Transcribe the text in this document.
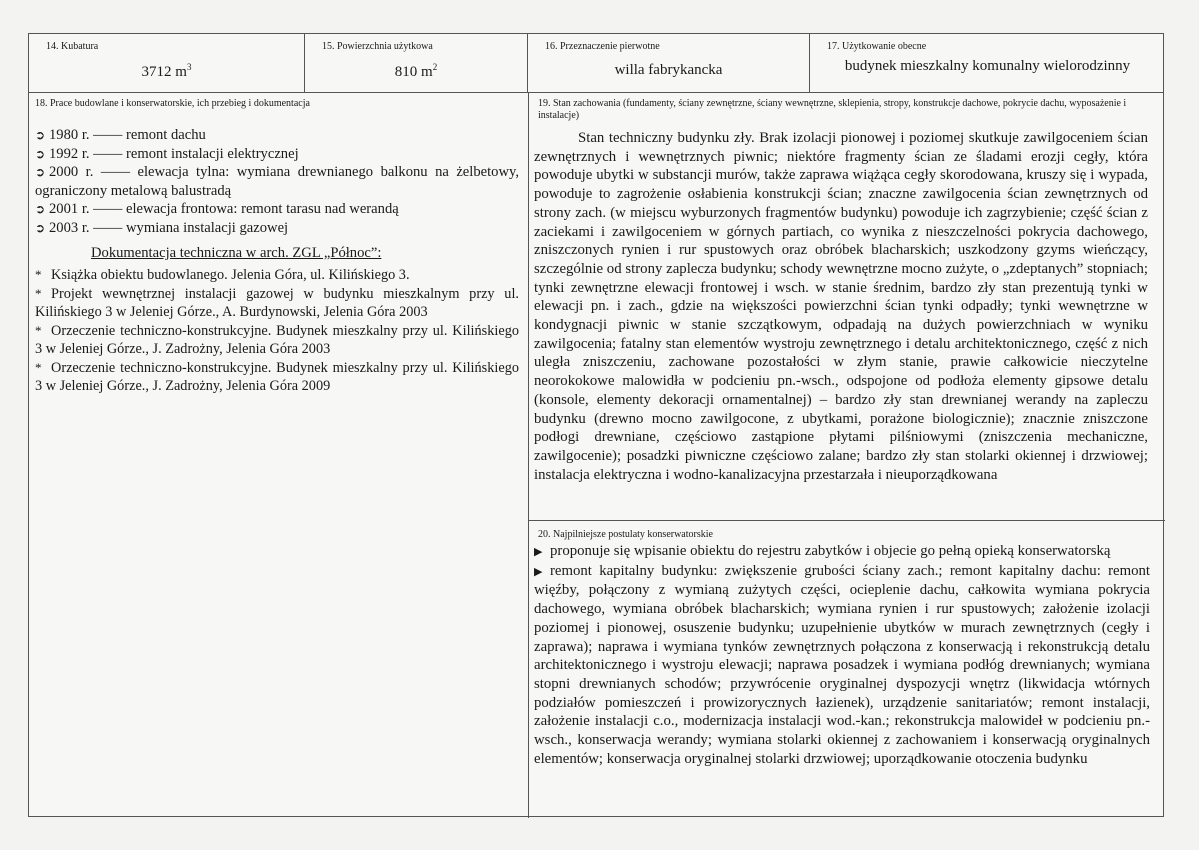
14. Kubatura
3712 $m^3$
15. Powierzchnia użytkowa
810 $m^2$
16. Przeznaczenie pierwotne
willa fabrykancka
17. Użytkowanie obecne
budynek mieszkalny komunalny wielorodzinny
18. Prace budowlane i konserwatorskie, ich przebieg i dokumentacja
➲ 1980 r. —— remont dachu
➲ 1992 r. —— remont instalacji elektrycznej
➲ 2000 r. —— elewacja tylna: wymiana drewnianego balkonu na żelbetowy, ograniczony metalową balustradą
➲ 2001 r. —— elewacja frontowa: remont tarasu nad werandą
➲ 2003 r. —— wymiana instalacji gazowej
Dokumentacja techniczna w arch. ZGL „Północ”:
* Książka obiektu budowlanego. Jelenia Góra, ul. Kilińskiego 3.
* Projekt wewnętrznej instalacji gazowej w budynku mieszkalnym przy ul. Kilińskiego 3 w Jeleniej Górze., A. Burdynowski, Jelenia Góra 2003
* Orzeczenie techniczno-konstrukcyjne. Budynek mieszkalny przy ul. Kilińskiego 3 w Jeleniej Górze., J. Zadrożny, Jelenia Góra 2003
* Orzeczenie techniczno-konstrukcyjne. Budynek mieszkalny przy ul. Kilińskiego 3 w Jeleniej Górze., J. Zadrożny, Jelenia Góra 2009
19. Stan zachowania (fundamenty, ściany zewnętrzne, ściany wewnętrzne, sklepienia, stropy, konstrukcje dachowe, pokrycie dachu, wyposażenie i instalacje)
Stan techniczny budynku zły. Brak izolacji pionowej i poziomej skutkuje zawilgoceniem ścian zewnętrznych i wewnętrznych piwnic; niektóre fragmenty ścian ze śladami erozji cegły, która powoduje ubytki w substancji murów, także zaprawa wiążąca cegły skorodowana, kruszy się i wypada, powoduje to zagrożenie osłabienia konstrukcji ścian; znaczne zawilgocenia ścian zewnętrznych od strony zach. (w miejscu wyburzonych fragmentów budynku) powoduje ich zagrzybienie; część ścian z zaciekami i zawilgoceniem w górnych partiach, co wynika z nieszczelności pokrycia dachowego, zniszczonych rynien i rur spustowych oraz obróbek blacharskich; uszkodzony gzyms wieńczący, szczególnie od strony zaplecza budynku; schody wewnętrzne mocno zużyte, o „zdeptanych” stopniach; tynki zewnętrzne elewacji frontowej i wsch. w stanie średnim, bardzo zły stan prezentują tynki w elewacji pn. i zach., gdzie na większości powierzchni ścian tynki odpadły; tynki wewnętrzne w kondygnacji piwnic w stanie szczątkowym, odpadają na dużych powierzchniach w wyniku zawilgocenia; fatalny stan elementów wystroju zewnętrznego i detalu architektonicznego, część z nich uległa zniszczeniu, zachowane pozostałości w złym stanie, prawie całkowicie nieczytelne neorokokowe malowidła w podcieniu pn.-wsch., odspojone od podłoża elementy gipsowe detalu (konsole, elementy dekoracji ornamentalnej) – bardzo zły stan drewnianej werandy na zapleczu budynku (drewno mocno zawilgocone, z ubytkami, porażone biologicznie); znacznie zniszczone podłogi drewniane, częściowo zastąpione płytami pilśniowymi (zniszczenia mechaniczne, zawilgocenie); posadzki piwniczne częściowo zalane; bardzo zły stan stolarki okiennej i drzwiowej; instalacja elektryczna i wodno-kanalizacyjna przestarzała i nieuporządkowana
20. Najpilniejsze postulaty konserwatorskie
▶ proponuje się wpisanie obiektu do rejestru zabytków i objecie go pełną opieką konserwatorską
▶ remont kapitalny budynku: zwiększenie grubości ściany zach.; remont kapitalny dachu: remont więźby, połączony z wymianą zużytych części, ocieplenie dachu, całkowita wymiana pokrycia dachowego, wymiana obróbek blacharskich; wymiana rynien i rur spustowych; założenie izolacji poziomej i pionowej, osuszenie budynku; uzupełnienie ubytków w murach zewnętrznych (cegły i zaprawa); naprawa i wymiana tynków zewnętrznych połączona z konserwacją i rekonstrukcją detalu architektonicznego i wystroju elewacji; naprawa posadzek i wymiana podłóg drewnianych; wymiana stopni drewnianych schodów; przywrócenie oryginalnej dyspozycji wnętrz (likwidacja wtórnych podziałów pomieszczeń i prowizorycznych łazienek), urządzenie sanitariatów; remont instalacji, założenie instalacji c.o., modernizacja instalacji wod.-kan.; rekonstrukcja malowideł w podcieniu pn.-wsch., konserwacja werandy; wymiana stolarki okiennej z zachowaniem i konserwacją oryginalnych elementów; konserwacja oryginalnej stolarki drzwiowej; uporządkowanie otoczenia budynku
